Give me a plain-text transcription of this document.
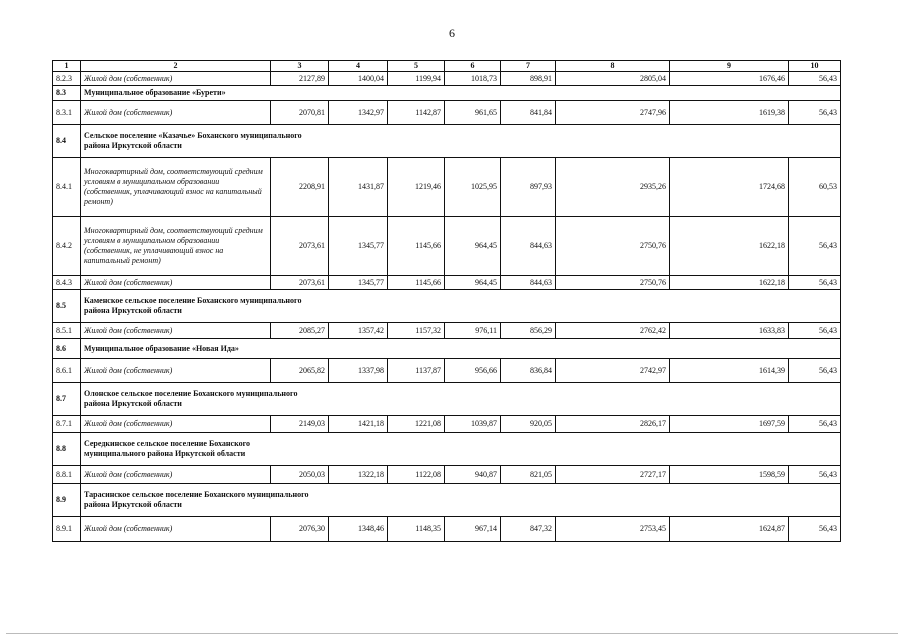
6
1	2	3	4	5	6	7	8	9	10
8.2.3	Жилой дом (собственник)	2127,89	1400,04	1199,94	1018,73	898,91	2805,04	1676,46	56,43
8.3	Муниципальное образование «Бурети»								
8.3.1	Жилой дом (собственник)	2070,81	1342,97	1142,87	961,65	841,84	2747,96	1619,38	56,43
8.4	Сельское поселение «Казачье» Боханского муниципального района Иркутской области								
8.4.1	Многоквартирный дом, соответствующий средним условиям в муниципальном образовании (собственник, уплачивающий взнос на капитальный ремонт)	2208,91	1431,87	1219,46	1025,95	897,93	2935,26	1724,68	60,53
8.4.2	Многоквартирный дом, соответствующий средним условиям в муниципальном образовании (собственник, не уплачивающий взнос на капитальный ремонт)	2073,61	1345,77	1145,66	964,45	844,63	2750,76	1622,18	56,43
8.4.3	Жилой дом (собственник)	2073,61	1345,77	1145,66	964,45	844,63	2750,76	1622,18	56,43
8.5	Каменское сельское поселение Боханского муниципального района Иркутской области								
8.5.1	Жилой дом (собственник)	2085,27	1357,42	1157,32	976,11	856,29	2762,42	1633,83	56,43
8.6	Муниципальное образование «Новая Ида»								
8.6.1	Жилой дом (собственник)	2065,82	1337,98	1137,87	956,66	836,84	2742,97	1614,39	56,43
8.7	Олонское сельское поселение Боханского муниципального района Иркутской области								
8.7.1	Жилой дом (собственник)	2149,03	1421,18	1221,08	1039,87	920,05	2826,17	1697,59	56,43
8.8	Середкинское сельское поселение Боханского муниципального района Иркутской области								
8.8.1	Жилой дом (собственник)	2050,03	1322,18	1122,08	940,87	821,05	2727,17	1598,59	56,43
8.9	Тарасинское сельское поселение Боханского муниципального района Иркутской области								
8.9.1	Жилой дом (собственник)	2076,30	1348,46	1148,35	967,14	847,32	2753,45	1624,87	56,43
